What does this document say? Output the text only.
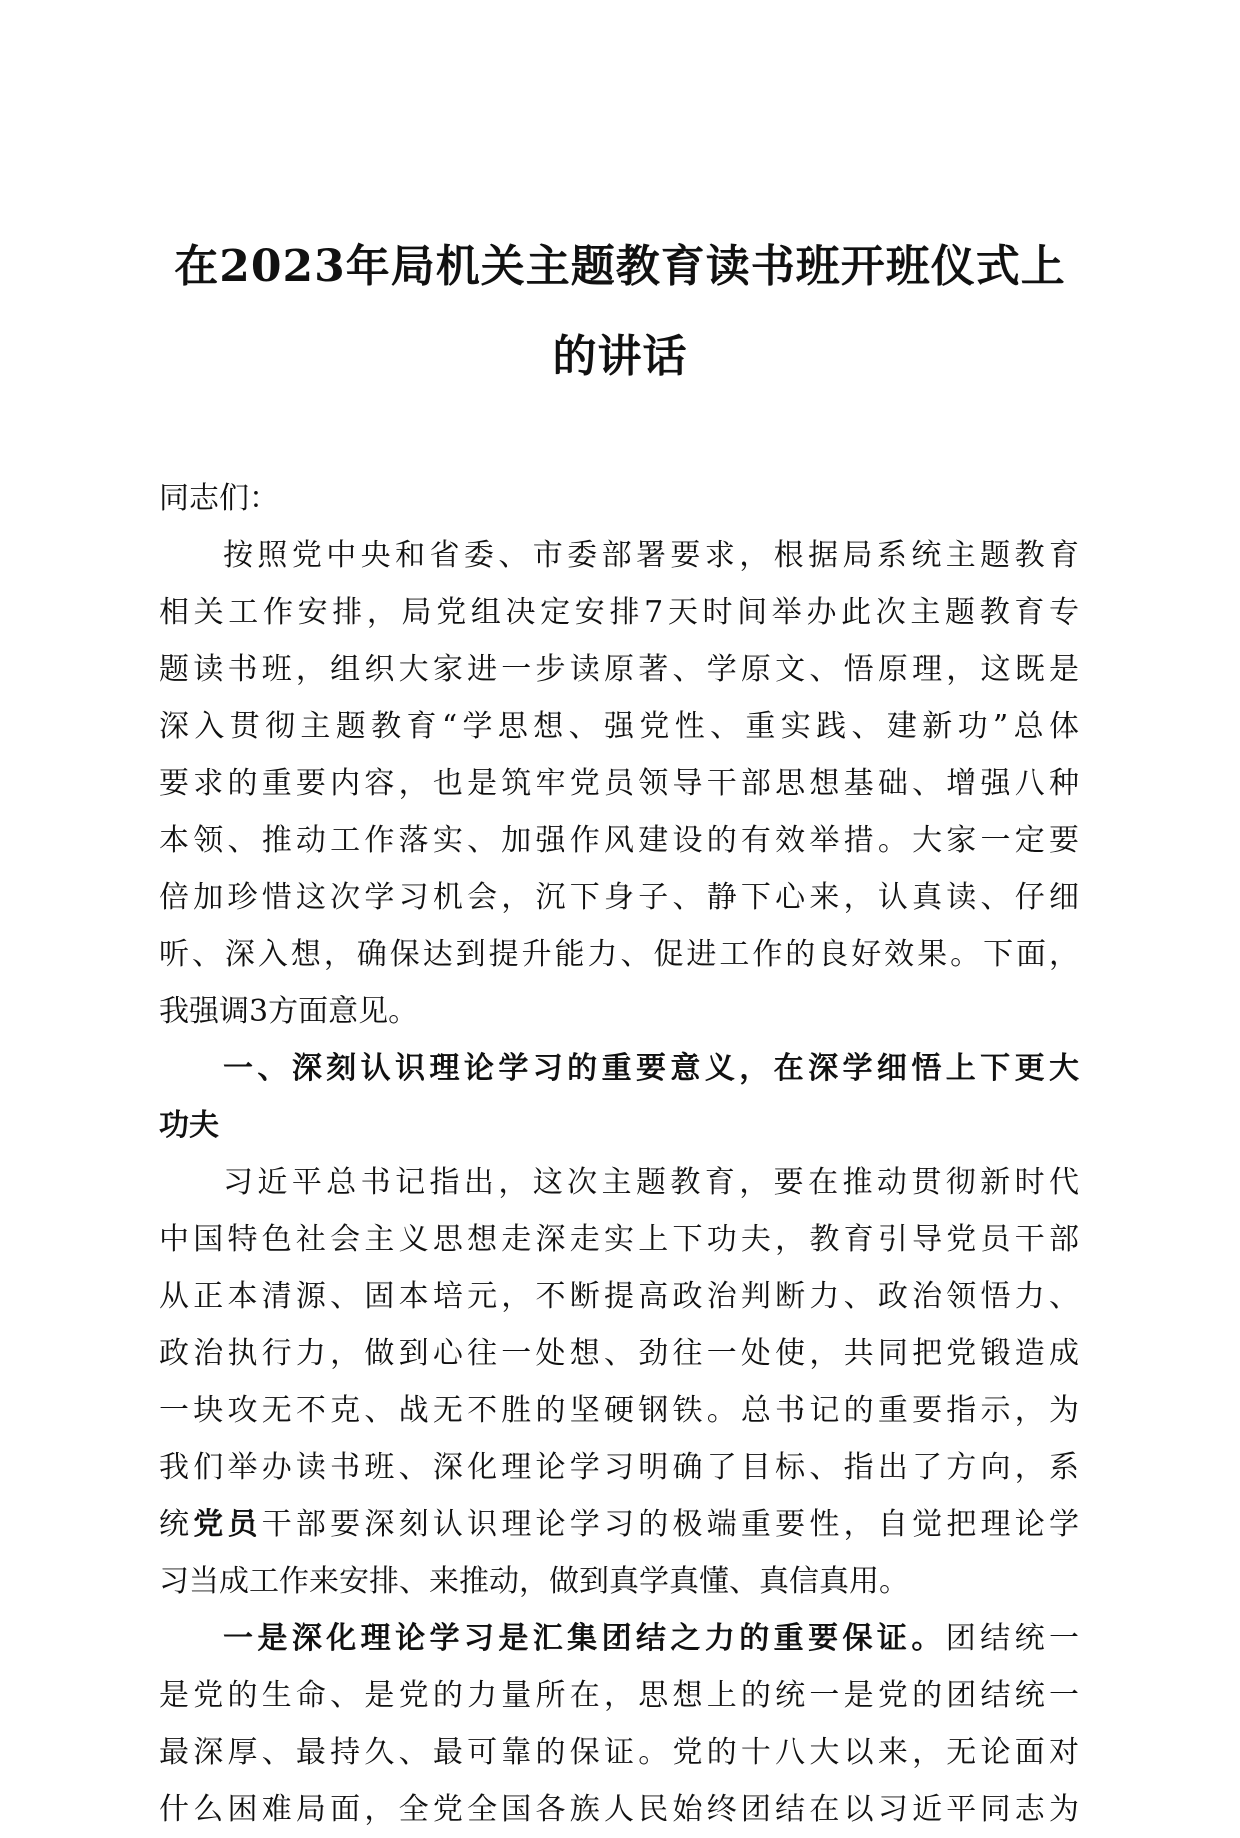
在2023年局机关主题教育读书班开班仪式上
的讲话
同志们：
按照党中央和省委、市委部署要求，根据局系统主题教育
相关工作安排，局党组决定安排7天时间举办此次主题教育专
题读书班，组织大家进一步读原著、学原文、悟原理，这既是
深入贯彻主题教育“学思想、强党性、重实践、建新功”总体
要求的重要内容，也是筑牢党员领导干部思想基础、增强八种
本领、推动工作落实、加强作风建设的有效举措。大家一定要
倍加珍惜这次学习机会，沉下身子、静下心来，认真读、仔细
听、深入想，确保达到提升能力、促进工作的良好效果。下面，
我强调3方面意见。
一、深刻认识理论学习的重要意义，在深学细悟上下更大
功夫
习近平总书记指出，这次主题教育，要在推动贯彻新时代
中国特色社会主义思想走深走实上下功夫，教育引导党员干部
从正本清源、固本培元，不断提高政治判断力、政治领悟力、
政治执行力，做到心往一处想、劲往一处使，共同把党锻造成
一块攻无不克、战无不胜的坚硬钢铁。总书记的重要指示，为
我们举办读书班、深化理论学习明确了目标、指出了方向，系
统党员干部要深刻认识理论学习的极端重要性，自觉把理论学
习当成工作来安排、来推动，做到真学真懂、真信真用。
一是深化理论学习是汇集团结之力的重要保证。团结统一
是党的生命、是党的力量所在，思想上的统一是党的团结统一
最深厚、最持久、最可靠的保证。党的十八大以来，无论面对
什么困难局面，全党全国各族人民始终团结在以习近平同志为
